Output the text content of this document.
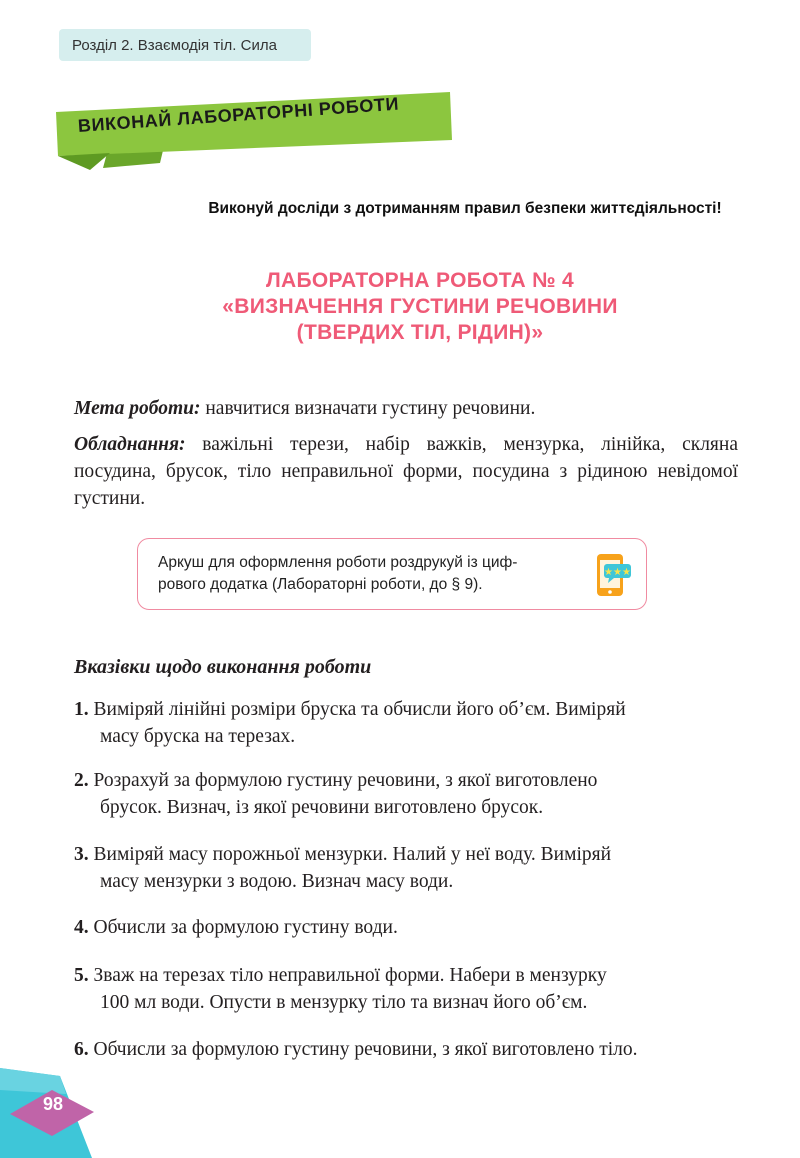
Розділ 2. Взаємодія тіл. Сила
ВИКОНАЙ ЛАБОРАТОРНІ РОБОТИ
Виконуй досліди з дотриманням правил безпеки життєдіяльності!
ЛАБОРАТОРНА РОБОТА № 4
«ВИЗНАЧЕННЯ ГУСТИНИ РЕЧОВИНИ
(ТВЕРДИХ ТІЛ, РІДИН)»
Мета роботи: навчитися визначати густину речовини.
Обладнання: важільні терези, набір важків, мензурка, лінійка, скляна посудина, брусок, тіло неправильної форми, посудина з рідиною невідомої густини.
Аркуш для оформлення роботи роздрукуй із циф-
рового додатка (Лабораторні роботи, до § 9).
★★★
Вказівки щодо виконання роботи
1. Виміряй лінійні розміри бруска та обчисли його об’єм. Виміряй
масу бруска на терезах.
2. Розрахуй за формулою густину речовини, з якої виготовлено
брусок. Визнач, із якої речовини виготовлено брусок.
3. Виміряй масу порожньої мензурки. Налий у неї воду. Виміряй
масу мензурки з водою. Визнач масу води.
4. Обчисли за формулою густину води.
5. Зваж на терезах тіло неправильної форми. Набери в мензурку
100 мл води. Опусти в мензурку тіло та визнач його об’єм.
6. Обчисли за формулою густину речовини, з якої виготовлено тіло.
98
